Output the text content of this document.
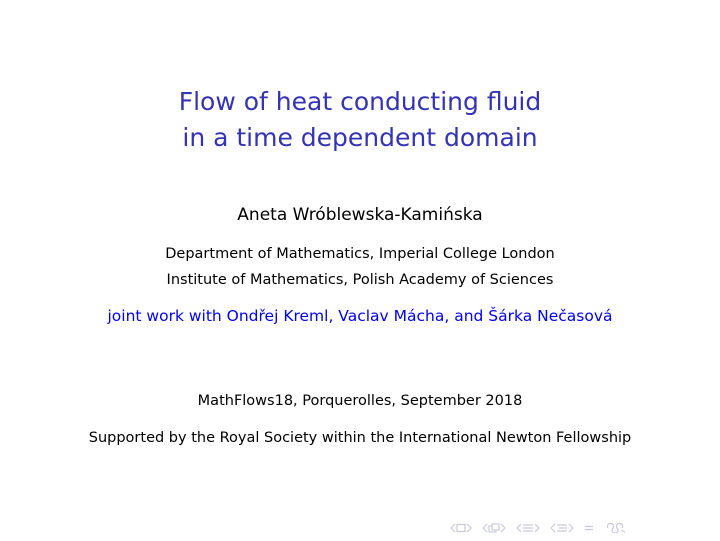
Flow of heat conducting fluid
in a time dependent domain
Aneta Wróblewska-Kamińska
Department of Mathematics, Imperial College London
Institute of Mathematics, Polish Academy of Sciences
joint work with Ondřej Kreml, Vaclav Mácha, and Šárka Nečasová
MathFlows18, Porquerolles, September 2018
Supported by the Royal Society within the International Newton Fellowship
